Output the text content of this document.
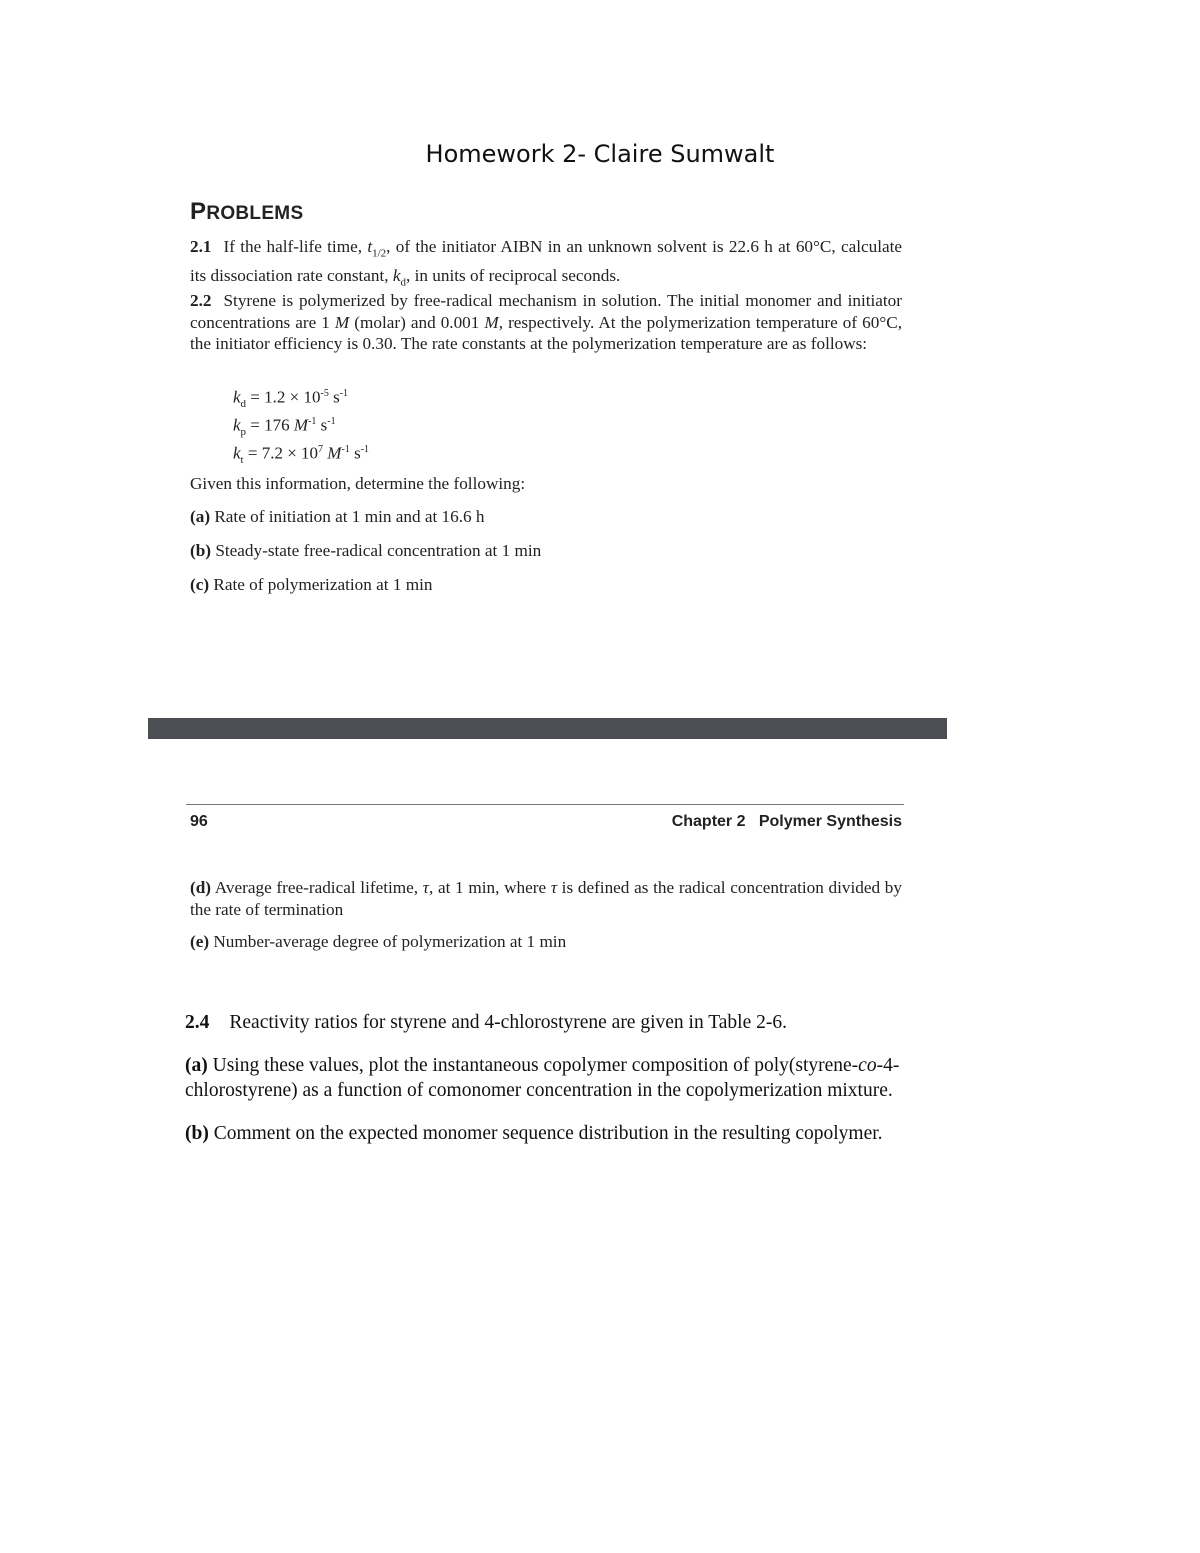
Homework 2- Claire Sumwalt
PROBLEMS
2.1 If the half-life time, $t_{1/2}$, of the initiator AIBN in an unknown solvent is 22.6 h at 60°C, calculate its dissociation rate constant, $k_d$, in units of reciprocal seconds.
2.2 Styrene is polymerized by free-radical mechanism in solution. The initial monomer and initiator concentrations are 1 M (molar) and 0.001 M, respectively. At the polymerization temperature of 60°C, the initiator efficiency is 0.30. The rate constants at the polymerization temperature are as follows:
$k_d = 1.2 \times 10^{-5}$ $s^{-1}$
$k_p = 176$ $M^{-1}$ $s^{-1}$
$k_t = 7.2 \times 10^7$ $M^{-1}$ $s^{-1}$
Given this information, determine the following:
(a) Rate of initiation at 1 min and at 16.6 h
(b) Steady-state free-radical concentration at 1 min
(c) Rate of polymerization at 1 min
96	Chapter 2   Polymer Synthesis
(d) Average free-radical lifetime, τ, at 1 min, where τ is defined as the radical concentration divided by the rate of termination
(e) Number-average degree of polymerization at 1 min
2.4 Reactivity ratios for styrene and 4-chlorostyrene are given in Table 2-6.
(a) Using these values, plot the instantaneous copolymer composition of poly(styrene-co-4-chlorostyrene) as a function of comonomer concentration in the copolymerization mixture.
(b) Comment on the expected monomer sequence distribution in the resulting copolymer.
